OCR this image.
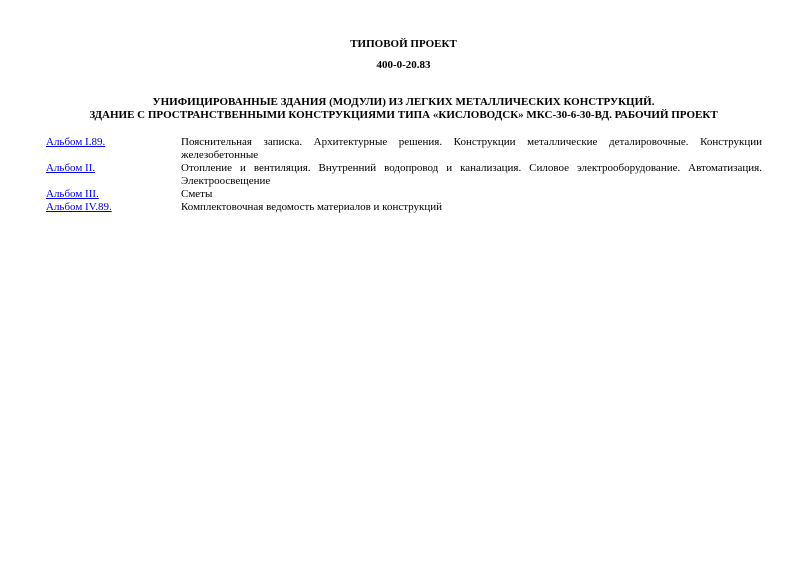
ТИПОВОЙ ПРОЕКТ
400-0-20.83
УНИФИЦИРОВАННЫЕ ЗДАНИЯ (МОДУЛИ) ИЗ ЛЕГКИХ МЕТАЛЛИЧЕСКИХ КОНСТРУКЦИЙ.
ЗДАНИЕ С ПРОСТРАНСТВЕННЫМИ КОНСТРУКЦИЯМИ ТИПА «КИСЛОВОДСК» МКС-30-6-30-ВД. РАБОЧИЙ ПРОЕКТ
Альбом I.89.	Пояснительная записка. Архитектурные решения. Конструкции металлические деталировочные. Конструкции железобетонные
Альбом II.	Отопление и вентиляция. Внутренний водопровод и канализация. Силовое электрооборудование. Автоматизация. Электроосвещение
Альбом III.	Сметы
Альбом IV.89.	Комплектовочная ведомость материалов и конструкций
